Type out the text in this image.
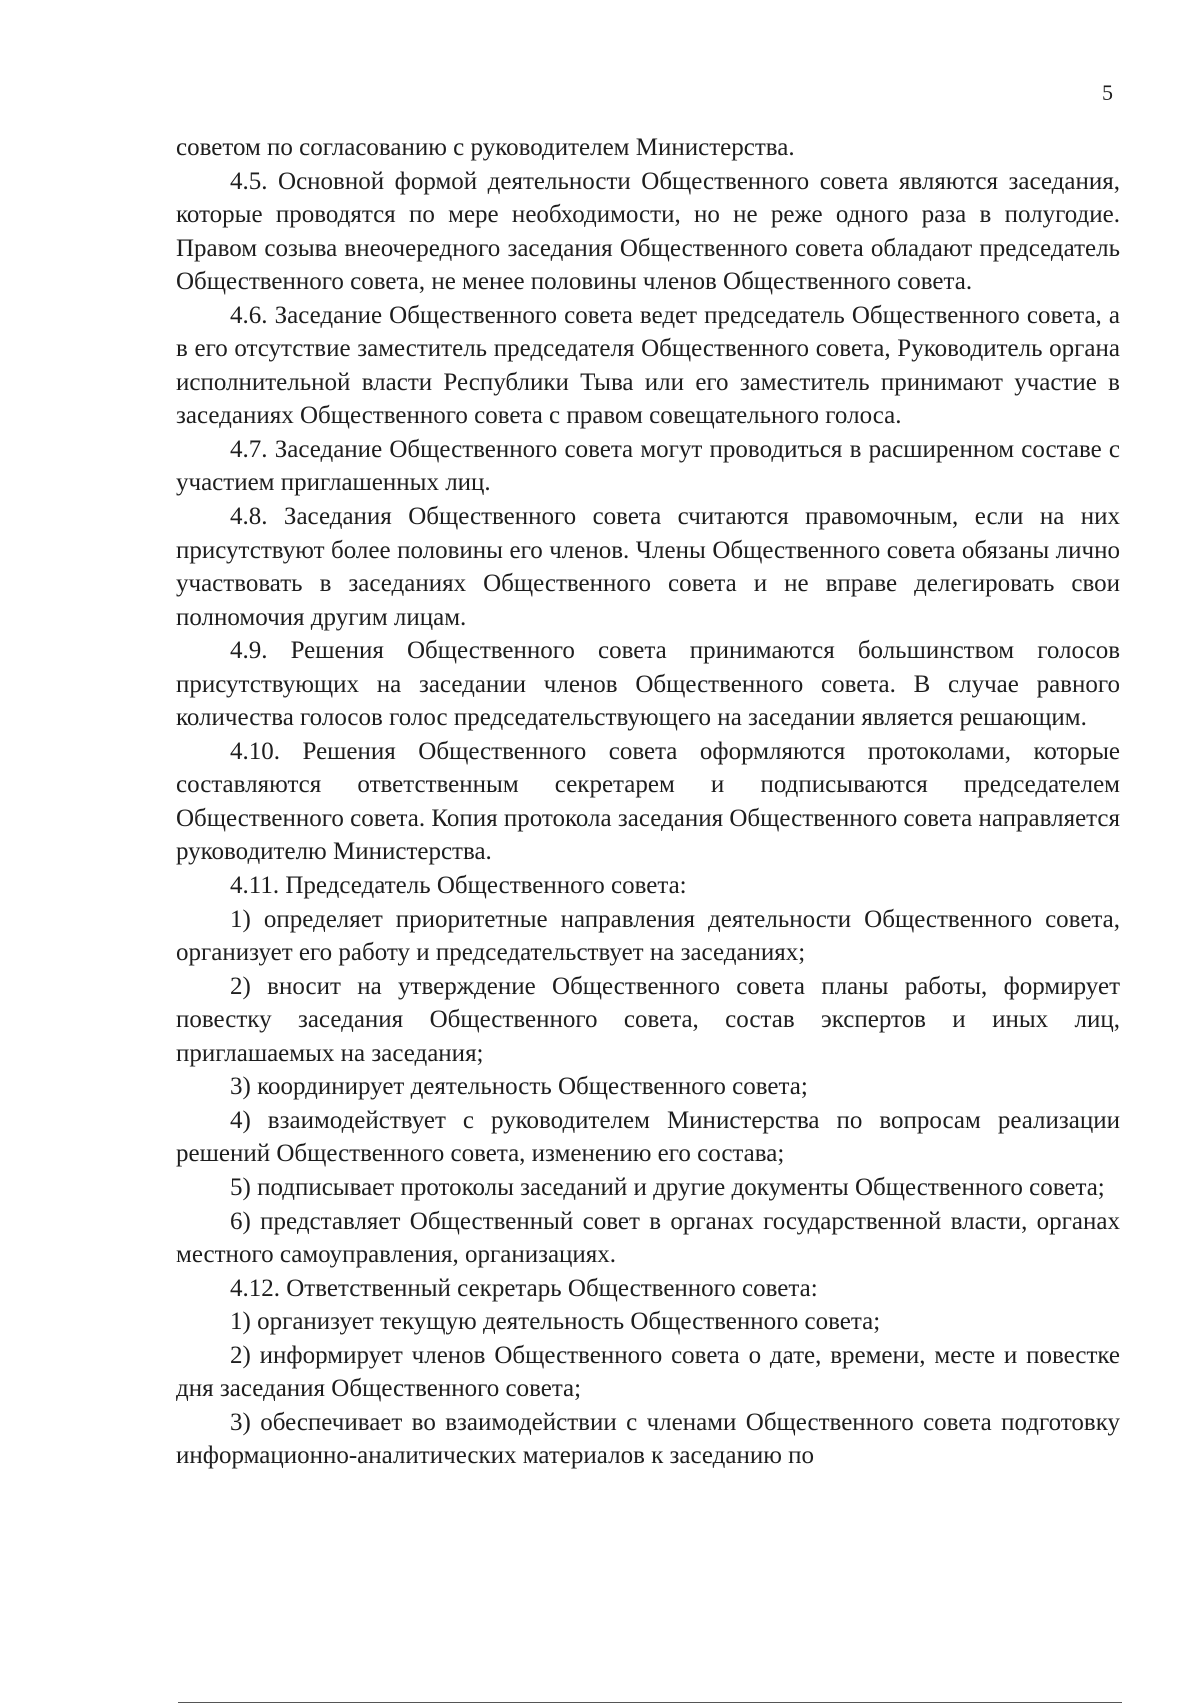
5

советом по согласованию с руководителем Министерства.

4.5. Основной формой деятельности Общественного совета являются заседания, которые проводятся по мере необходимости, но не реже одного раза в полугодие. Правом созыва внеочередного заседания Общественного совета обладают председатель Общественного совета, не менее половины членов Общественного совета.

4.6. Заседание Общественного совета ведет председатель Общественного совета, а в его отсутствие заместитель председателя Общественного совета, Руководитель органа исполнительной власти Республики Тыва или его заместитель принимают участие в заседаниях Общественного совета с правом совещательного голоса.

4.7. Заседание Общественного совета могут проводиться в расширенном составе с участием приглашенных лиц.

4.8. Заседания Общественного совета считаются правомочным, если на них присутствуют более половины его членов. Члены Общественного совета обязаны лично участвовать в заседаниях Общественного совета и не вправе делегировать свои полномочия другим лицам.

4.9. Решения Общественного совета принимаются большинством голосов присутствующих на заседании членов Общественного совета. В случае равного количества голосов голос председательствующего на заседании является решающим.

4.10. Решения Общественного совета оформляются протоколами, которые составляются ответственным секретарем и подписываются председателем Общественного совета. Копия протокола заседания Общественного совета направляется руководителю Министерства.

4.11. Председатель Общественного совета:

1) определяет приоритетные направления деятельности Общественного совета, организует его работу и председательствует на заседаниях;

2) вносит на утверждение Общественного совета планы работы, формирует повестку заседания Общественного совета, состав экспертов и иных лиц, приглашаемых на заседания;

3) координирует деятельность Общественного совета;

4) взаимодействует с руководителем Министерства по вопросам реализации решений Общественного совета, изменению его состава;

5) подписывает протоколы заседаний и другие документы Общественного совета;

6) представляет Общественный совет в органах государственной власти, органах местного самоуправления, организациях.

4.12. Ответственный секретарь Общественного совета:

1) организует текущую деятельность Общественного совета;

2) информирует членов Общественного совета о дате, времени, месте и повестке дня заседания Общественного совета;

3) обеспечивает во взаимодействии с членами Общественного совета подготовку информационно-аналитических материалов к заседанию по
